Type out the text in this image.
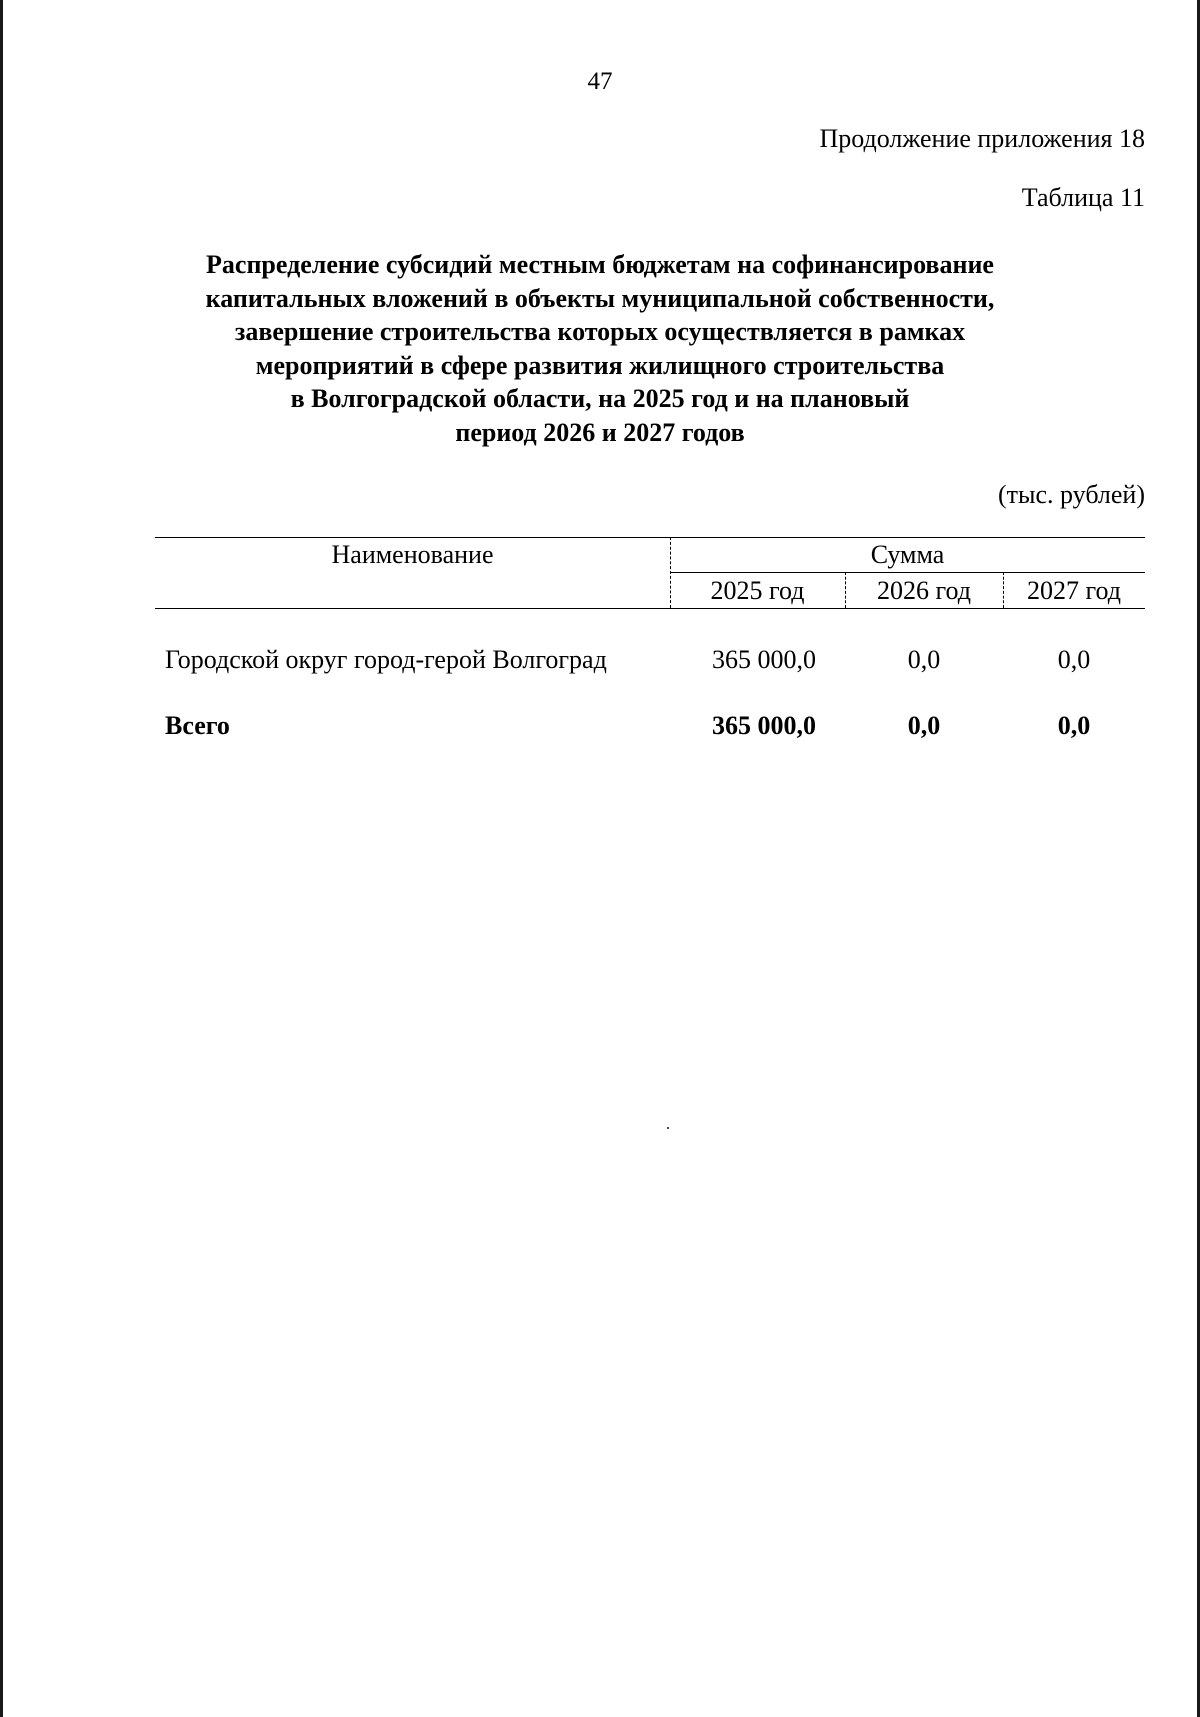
47
Продолжение приложения 18
Таблица 11
Распределение субсидий местным бюджетам на софинансирование
капитальных вложений в объекты муниципальной собственности,
завершение строительства которых осуществляется в рамках
мероприятий в сфере развития жилищного строительства
в Волгоградской области, на 2025 год и на плановый
период 2026 и 2027 годов
(тыс. рублей)
Наименование	Сумма
2025 год	2026 год	2027 год
Городской округ город-герой Волгоград	365 000,0	0,0	0,0
Всего	365 000,0	0,0	0,0
